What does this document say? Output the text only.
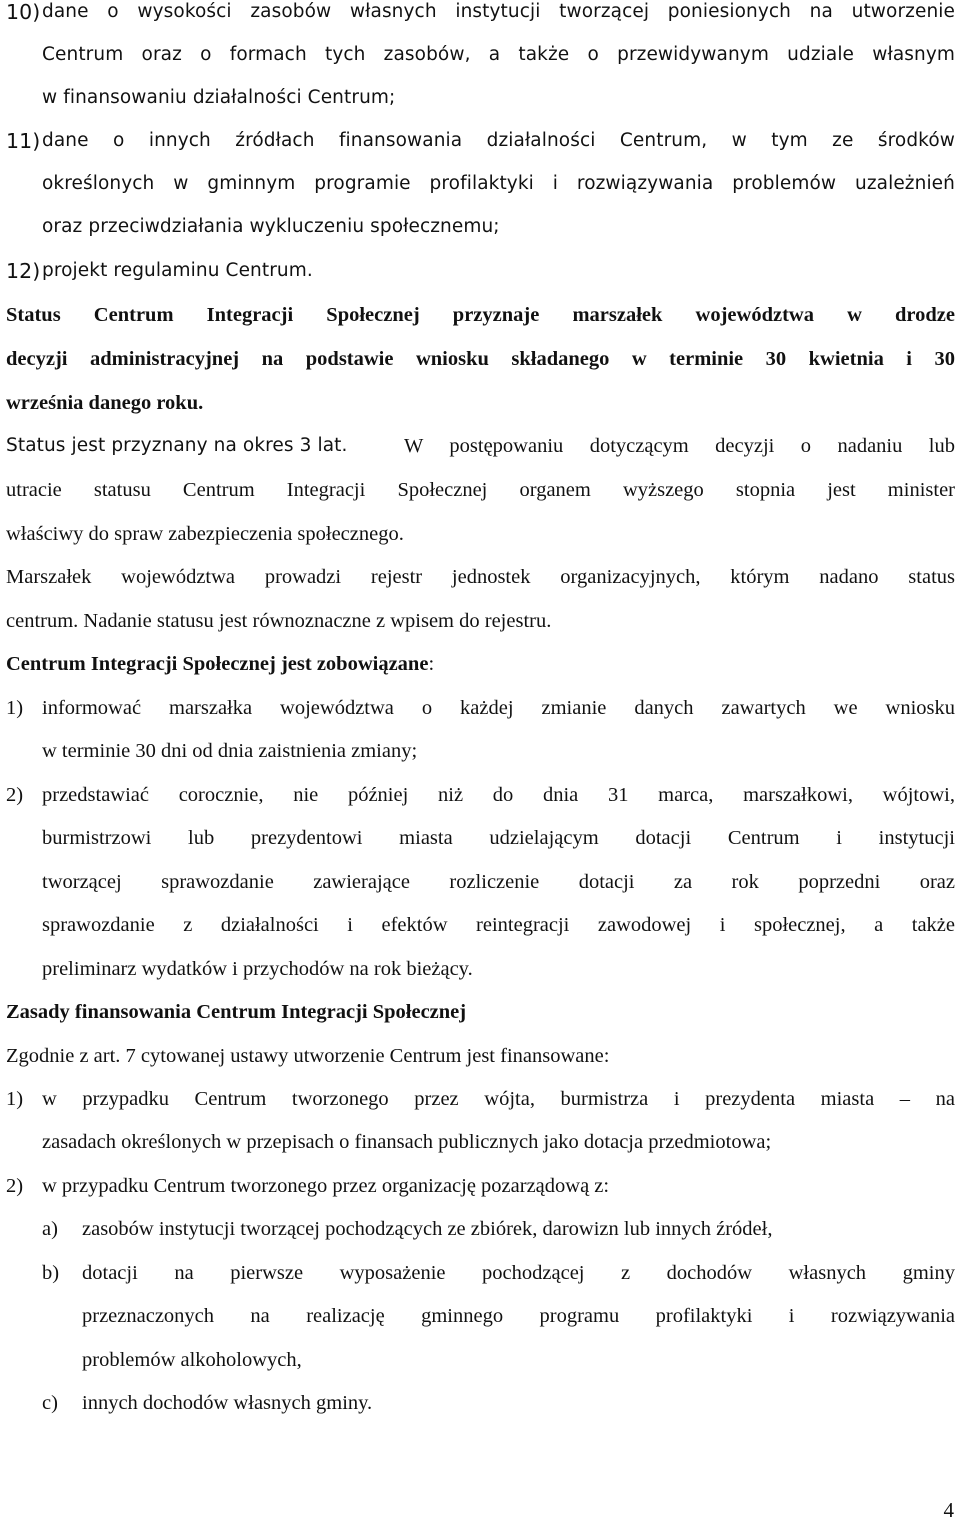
10) dane o wysokości zasobów własnych instytucji tworzącej poniesionych na utworzenie

Centrum oraz o formach tych zasobów, a także o przewidywanym udziale własnym

w finansowaniu działalności Centrum;

11) dane o innych źródłach finansowania działalności Centrum, w tym ze środków

określonych w gminnym programie profilaktyki i rozwiązywania problemów uzależnień

oraz przeciwdziałania wykluczeniu społecznemu;

12) projekt regulaminu Centrum.

Status Centrum Integracji Społecznej przyznaje marszałek województwa w drodze

decyzji administracyjnej na podstawie wniosku składanego w terminie 30 kwietnia i 30

września danego roku.

Status jest przyznany na okres 3 lat.	W postępowaniu dotyczącym decyzji o nadaniu lub

utracie statusu Centrum Integracji Społecznej organem wyższego stopnia jest minister

właściwy do spraw zabezpieczenia społecznego.

Marszałek województwa prowadzi rejestr jednostek organizacyjnych, którym nadano status

centrum. Nadanie statusu jest równoznaczne z wpisem do rejestru.

Centrum Integracji Społecznej jest zobowiązane:

1) informować marszałka województwa o każdej zmianie danych zawartych we wniosku

w terminie 30 dni od dnia zaistnienia zmiany;

2) przedstawiać corocznie, nie później niż do dnia 31 marca, marszałkowi, wójtowi,

burmistrzowi lub prezydentowi miasta udzielającym dotacji Centrum i instytucji

tworzącej sprawozdanie zawierające rozliczenie dotacji za rok poprzedni oraz

sprawozdanie z działalności i efektów reintegracji zawodowej i społecznej, a także

preliminarz wydatków i przychodów na rok bieżący.

Zasady finansowania Centrum Integracji Społecznej

Zgodnie z art. 7 cytowanej ustawy utworzenie Centrum jest finansowane:

1) w przypadku Centrum tworzonego przez wójta, burmistrza i prezydenta miasta – na

zasadach określonych w przepisach o finansach publicznych jako dotacja przedmiotowa;

2) w przypadku Centrum tworzonego przez organizację pozarządową z:

a) zasobów instytucji tworzącej pochodzących ze zbiórek, darowizn lub innych źródeł,

b) dotacji na pierwsze wyposażenie pochodzącej z dochodów własnych gminy

przeznaczonych na realizację gminnego programu profilaktyki i rozwiązywania

problemów alkoholowych,

c) innych dochodów własnych gminy.

4
